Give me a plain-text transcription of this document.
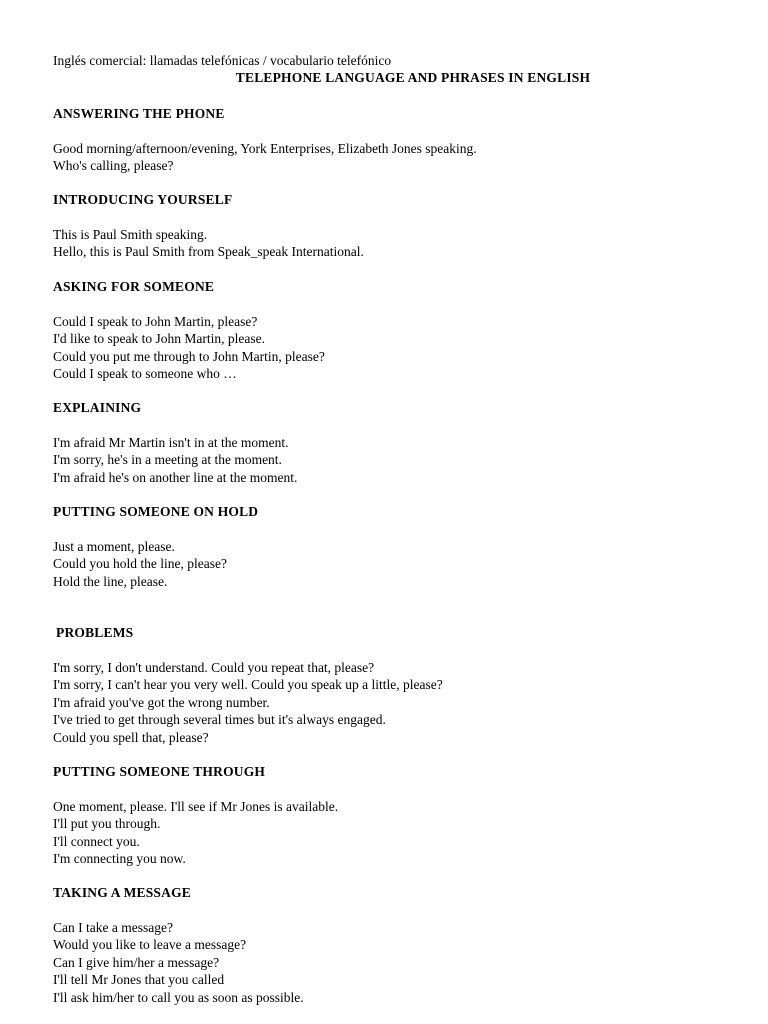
Inglés comercial: llamadas telefónicas / vocabulario telefónico
TELEPHONE LANGUAGE AND PHRASES IN ENGLISH
ANSWERING THE PHONE
Good morning/afternoon/evening, York Enterprises, Elizabeth Jones speaking.
Who's calling, please?
INTRODUCING YOURSELF
This is Paul Smith speaking.
Hello, this is Paul Smith from Speak_speak International.
ASKING FOR SOMEONE
Could I speak to John Martin, please?
I'd like to speak to John Martin, please.
Could you put me through to John Martin, please?
Could I speak to someone who …
EXPLAINING
I'm afraid Mr Martin isn't in at the moment.
I'm sorry, he's in a meeting at the moment.
I'm afraid he's on another line at the moment.
PUTTING SOMEONE ON HOLD
Just a moment, please.
Could you hold the line, please?
Hold the line, please.
PROBLEMS
I'm sorry, I don't understand. Could you repeat that, please?
I'm sorry, I can't hear you very well. Could you speak up a little, please?
I'm afraid you've got the wrong number.
I've tried to get through several times but it's always engaged.
Could you spell that, please?
PUTTING SOMEONE THROUGH
One moment, please. I'll see if Mr Jones is available.
I'll put you through.
I'll connect you.
I'm connecting you now.
TAKING A MESSAGE
Can I take a message?
Would you like to leave a message?
Can I give him/her a message?
I'll tell Mr Jones that you called
I'll ask him/her to call you as soon as possible.
